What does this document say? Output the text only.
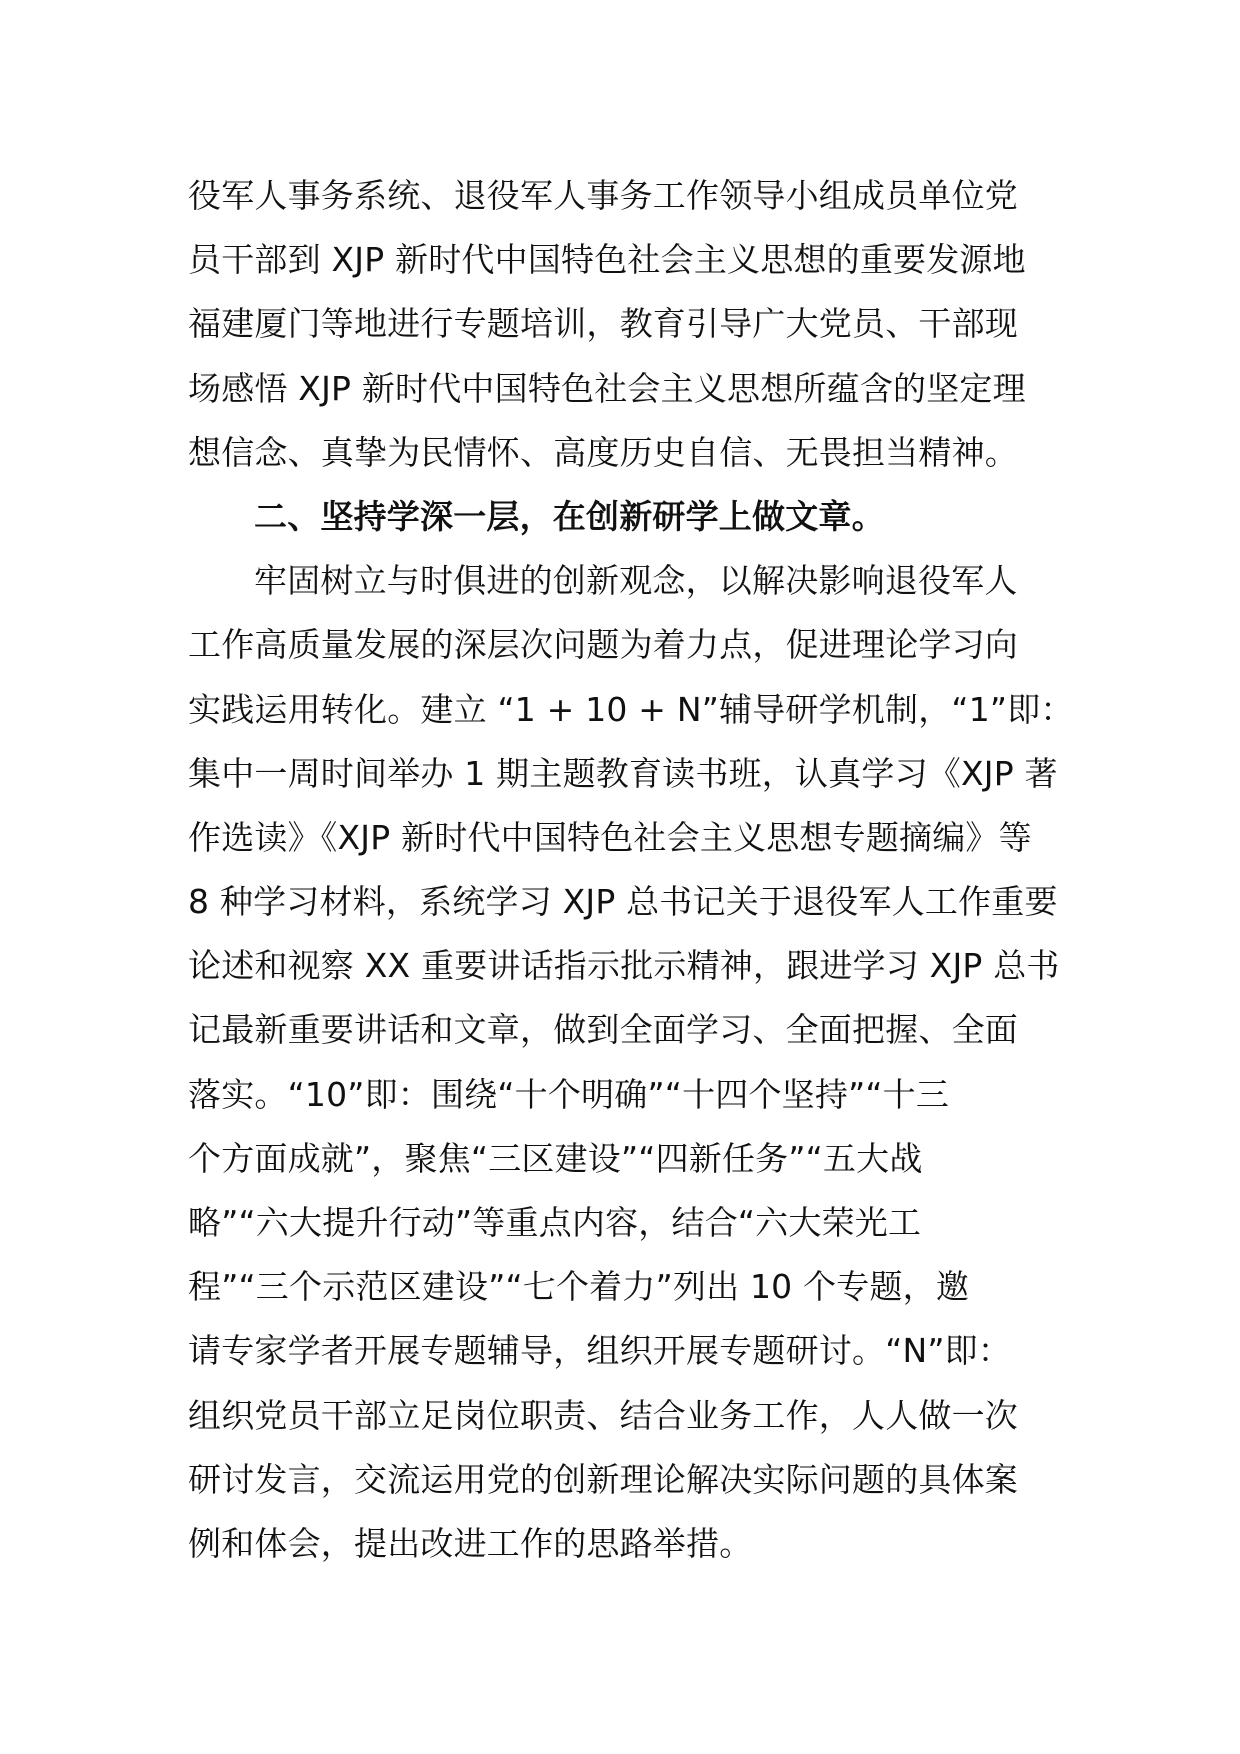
役军人事务系统、退役军人事务工作领导小组成员单位党
员干部到 XJP 新时代中国特色社会主义思想的重要发源地
福建厦门等地进行专题培训，教育引导广大党员、干部现
场感悟 XJP 新时代中国特色社会主义思想所蕴含的坚定理
想信念、真挚为民情怀、高度历史自信、无畏担当精神。
二、坚持学深一层，在创新研学上做文章。
牢固树立与时俱进的创新观念，以解决影响退役军人
工作高质量发展的深层次问题为着力点，促进理论学习向
实践运用转化。建立 “1 + 10 + N”辅导研学机制，“1”即：
集中一周时间举办 1 期主题教育读书班，认真学习《XJP 著
作选读》《XJP 新时代中国特色社会主义思想专题摘编》等
8 种学习材料，系统学习 XJP 总书记关于退役军人工作重要
论述和视察 XX 重要讲话指示批示精神，跟进学习 XJP 总书
记最新重要讲话和文章，做到全面学习、全面把握、全面
落实。“10”即：围绕“十个明确”“十四个坚持”“十三
个方面成就”，聚焦“三区建设”“四新任务”“五大战
略”“六大提升行动”等重点内容，结合“六大荣光工
程”“三个示范区建设”“七个着力”列出 10 个专题，邀
请专家学者开展专题辅导，组织开展专题研讨。“N”即：
组织党员干部立足岗位职责、结合业务工作，人人做一次
研讨发言，交流运用党的创新理论解决实际问题的具体案
例和体会，提出改进工作的思路举措。
